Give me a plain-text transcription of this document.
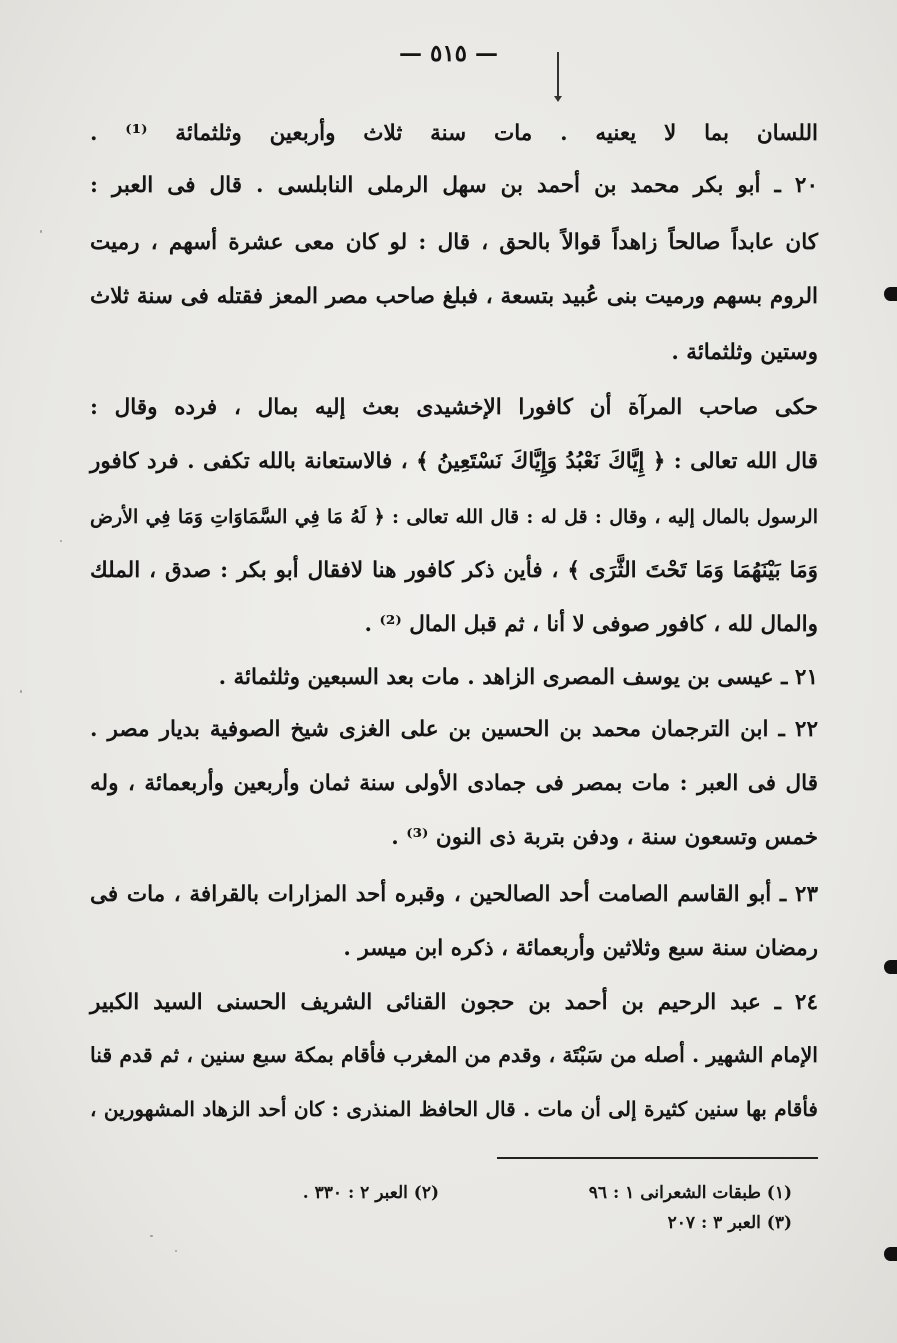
— ٥١٥ —
اللسان بما لا يعنيه . مات سنة ثلاث وأربعين وثلثمائة ⁽¹⁾ .
٢٠ ـ أبو بكر محمد بن أحمد بن سهل الرملى النابلسى . قال فى العبر :
كان عابداً صالحاً زاهداً قوالاً بالحق ، قال : لو كان معى عشرة أسهم ، رميت
الروم بسهم ورميت بنى عُبيد بتسعة ، فبلغ صاحب مصر المعز فقتله فى سنة ثلاث
وستين وثلثمائة .
حكى صاحب المرآة أن كافورا الإخشيدى بعث إليه بمال ، فرده وقال :
قال الله تعالى : ﴿ إِيَّاكَ نَعْبُدُ وَإِيَّاكَ نَسْتَعِينُ ﴾ ، فالاستعانة بالله تكفى . فرد كافور
الرسول بالمال إليه ، وقال : قل له : قال الله تعالى : ﴿ لَهُ مَا فِي السَّمَاوَاتِ وَمَا فِي الأرض
وَمَا بَيْنَهُمَا وَمَا تَحْتَ الثَّرَى ﴾ ، فأين ذكر كافور هنا لافقال أبو بكر : صدق ، الملك
والمال لله ، كافور صوفى لا أنا ، ثم قبل المال ⁽²⁾ .
٢١ ـ عيسى بن يوسف المصرى الزاهد . مات بعد السبعين وثلثمائة .
٢٢ ـ ابن الترجمان محمد بن الحسين بن على الغزى شيخ الصوفية بديار مصر .
قال فى العبر : مات بمصر فى جمادى الأولى سنة ثمان وأربعين وأربعمائة ، وله
خمس وتسعون سنة ، ودفن بتربة ذى النون ⁽³⁾ .
٢٣ ـ أبو القاسم الصامت أحد الصالحين ، وقبره أحد المزارات بالقرافة ، مات فى
رمضان سنة سبع وثلاثين وأربعمائة ، ذكره ابن ميسر .
٢٤ ـ عبد الرحيم بن أحمد بن حجون القنائى الشريف الحسنى السيد الكبير
الإمام الشهير . أصله من سَبْتَة ، وقدم من المغرب فأقام بمكة سبع سنين ، ثم قدم قنا
فأقام بها سنين كثيرة إلى أن مات . قال الحافظ المنذرى : كان أحد الزهاد المشهورين ،
(١) طبقات الشعرانى ١ : ٩٦
(٢) العبر ٢ : ٣٣٠ .
(٣) العبر ٣ : ٢٠٧
